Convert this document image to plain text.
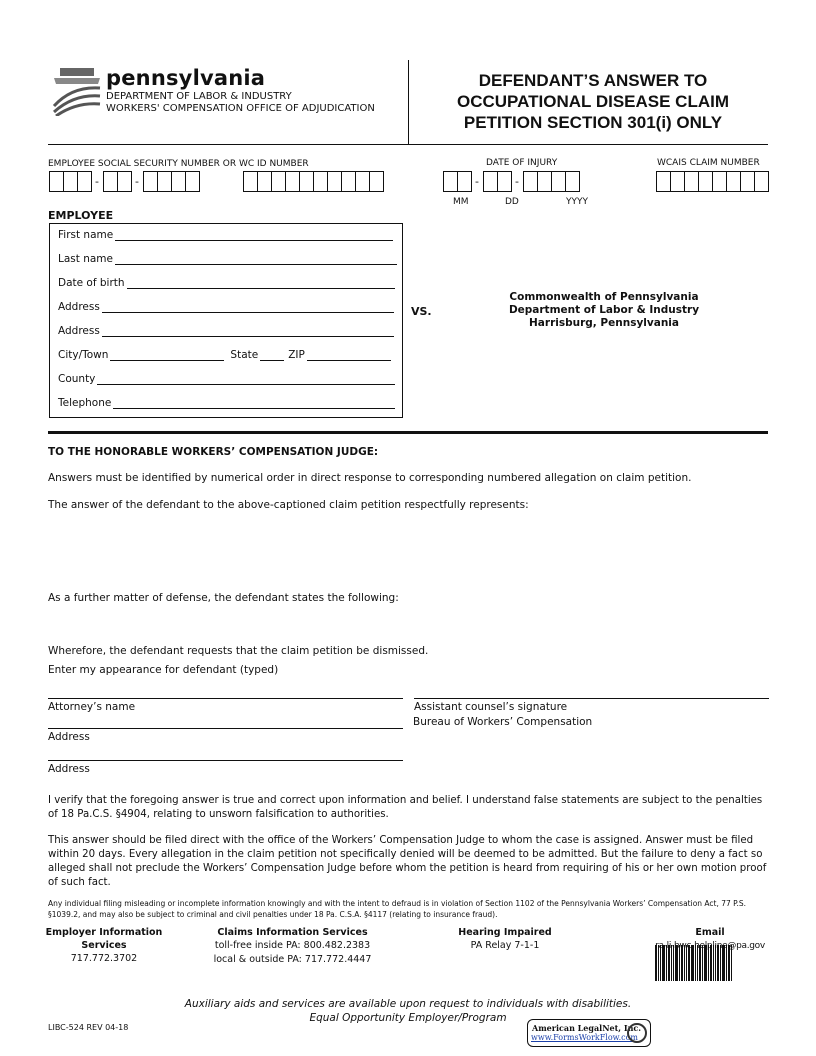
pennsylvania
DEPARTMENT OF LABOR & INDUSTRY
WORKERS' COMPENSATION OFFICE OF ADJUDICATION
DEFENDANT’S ANSWER TO
OCCUPATIONAL DISEASE CLAIM
PETITION SECTION 301(i) ONLY
EMPLOYEE SOCIAL SECURITY NUMBER OR WC ID NUMBER
-	-
DATE OF INJURY
-	-
MM	DD	YYYY
WCAIS CLAIM NUMBER
EMPLOYEE
First name
Last name
Date of birth
Address
Address
City/Town	State	ZIP
County
Telephone
VS.
Commonwealth of Pennsylvania
Department of Labor & Industry
Harrisburg, Pennsylvania
TO THE HONORABLE WORKERS’ COMPENSATION JUDGE:
Answers must be identified by numerical order in direct response to corresponding numbered allegation on claim petition.
The answer of the defendant to the above-captioned claim petition respectfully represents:
As a further matter of defense, the defendant states the following:
Wherefore, the defendant requests that the claim petition be dismissed.
Enter my appearance for defendant (typed)
Attorney’s name	Assistant counsel’s signature
Bureau of Workers’ Compensation
Address
Address
I verify that the foregoing answer is true and correct upon information and belief. I understand false statements are subject to the penalties of 18 Pa.C.S. §4904, relating to unsworn falsification to authorities.
This answer should be filed direct with the office of the Workers’ Compensation Judge to whom the case is assigned. Answer must be filed within 20 days. Every allegation in the claim petition not specifically denied will be deemed to be admitted. But the failure to deny a fact so alleged shall not preclude the Workers’ Compensation Judge before whom the petition is heard from requiring of his or her own motion proof of such fact.
Any individual filing misleading or incomplete information knowingly and with the intent to defraud is in violation of Section 1102 of the Pennsylvania Workers’ Compensation Act, 77 P.S. §1039.2, and may also be subject to criminal and civil penalties under 18 Pa. C.S.A. §4117 (relating to insurance fraud).
Employer Information
Services
717.772.3702
Claims Information Services
toll-free inside PA: 800.482.2383
local & outside PA: 717.772.4447
Hearing Impaired
PA Relay 7-1-1
Email
ra-li-bwc-helpline@pa.gov
Auxiliary aids and services are available upon request to individuals with disabilities.
Equal Opportunity Employer/Program
LIBC-524 REV 04-18	American LegalNet, Inc.
www.FormsWorkFlow.com
